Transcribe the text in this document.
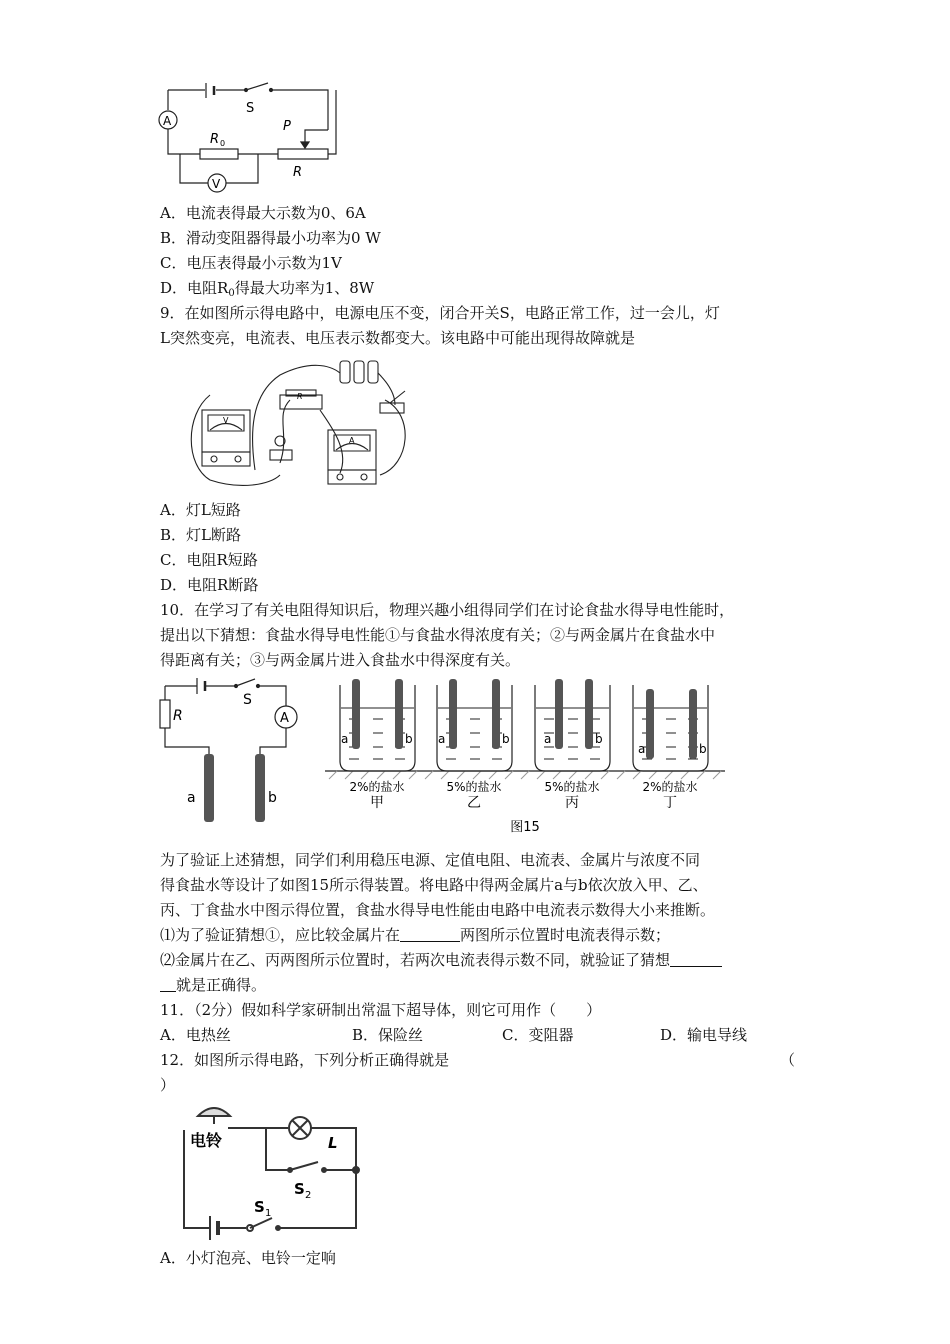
S
R 0
P
R
A
V
A．电流表得最大示数为0、6A
B．滑动变阻器得最小功率为0 W
C．电压表得最小示数为1V
D．电阻$R_0$得最大功率为1、8W
9．在如图所示得电路中，电源电压不变，闭合开关S，电路正常工作，过一会儿，灯
L突然变亮，电流表、电压表示数都变大。该电路中可能出现得故障就是
R
V
A
A．灯L短路
B．灯L断路
C．电阻R短路
D．电阻R断路
10．在学习了有关电阻得知识后，物理兴趣小组得同学们在讨论食盐水得导电性能时，
提出以下猜想：食盐水得导电性能①与食盐水得浓度有关；②与两金属片在食盐水中
得距离有关；③与两金属片进入食盐水中得深度有关。
R
S
A
a	b
a	b a	b	a	b
a	b
2%的盐水
甲
5%的盐水
乙
5%的盐水
丙
2%的盐水
丁
图15
为了验证上述猜想，同学们利用稳压电源、定值电阻、电流表、金属片与浓度不同
得食盐水等设计了如图15所示得装置。将电路中得两金属片a与b依次放入甲、乙、
丙、丁食盐水中图示得位置，食盐水得导电性能由电路中电流表示数得大小来推断。
⑴为了验证猜想①，应比较金属片在	两图所示位置时电流表得示数；
⑵金属片在乙、丙两图所示位置时，若两次电流表得示数不同，就验证了猜想
就是正确得。
11．（2分）假如科学家研制出常温下超导体，则它可用作（　　）
A．电热丝	B．保险丝	C．变阻器	D．输电导线
12．如图所示得电路，下列分析正确得就是	（
）
电铃	L
S 2
S 1
A．小灯泡亮、电铃一定响
